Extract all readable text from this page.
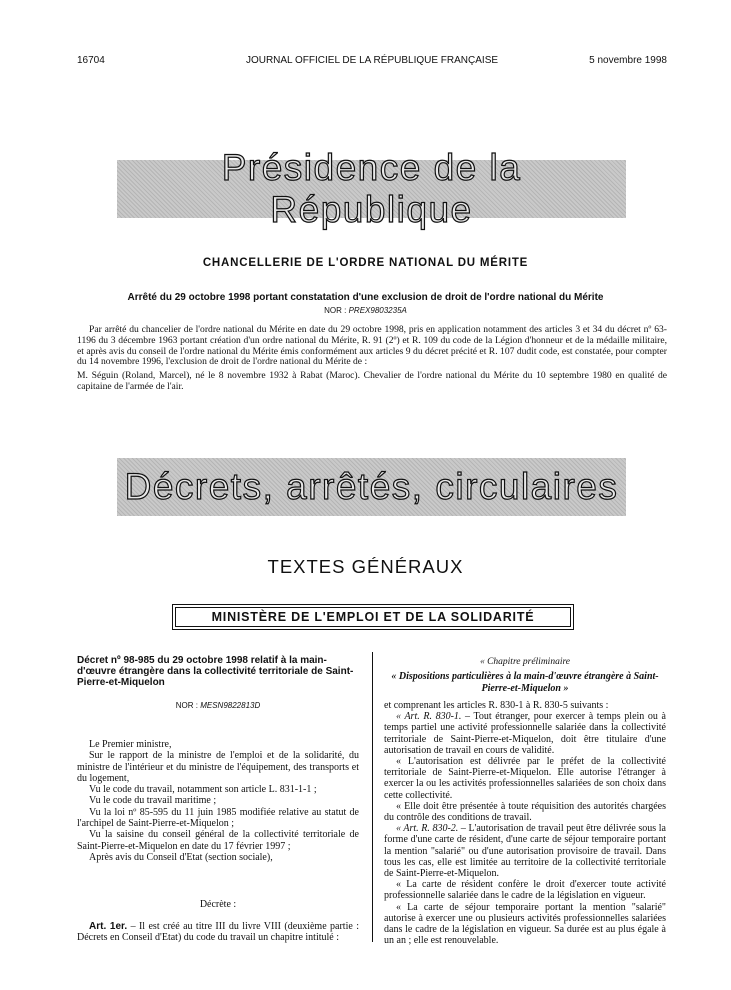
16704	JOURNAL OFFICIEL DE LA RÉPUBLIQUE FRANÇAISE	5 novembre 1998
Présidence de la République
CHANCELLERIE DE L'ORDRE NATIONAL DU MÉRITE
Arrêté du 29 octobre 1998 portant constatation d'une exclusion de droit de l'ordre national du Mérite
NOR : PREX9803235A

Par arrêté du chancelier de l'ordre national du Mérite en date du 29 octobre 1998, pris en application notamment des articles 3 et 34 du décret nº 63-1196 du 3 décembre 1963 portant création d'un ordre national du Mérite, R. 91 (2º) et R. 109 du code de la Légion d'honneur et de la médaille militaire, et après avis du conseil de l'ordre national du Mérite émis conformément aux articles 9 du décret précité et R. 107 dudit code, est constatée, pour compter du 14 novembre 1996, l'exclusion de droit de l'ordre national du Mérite de :

M. Séguin (Roland, Marcel), né le 8 novembre 1932 à Rabat (Maroc). Chevalier de l'ordre national du Mérite du 10 septembre 1980 en qualité de capitaine de l'armée de l'air.

Décrets, arrêtés, circulaires
TEXTES GÉNÉRAUX
MINISTÈRE DE L'EMPLOI ET DE LA SOLIDARITÉ
Décret nº 98-985 du 29 octobre 1998 relatif à la main-d'œuvre étrangère dans la collectivité territoriale de Saint-Pierre-et-Miquelon
NOR : MESN9822813D

Le Premier ministre,

Sur le rapport de la ministre de l'emploi et de la solidarité, du ministre de l'intérieur et du ministre de l'équipement, des transports et du logement,

Vu le code du travail, notamment son article L. 831-1-1 ;

Vu le code du travail maritime ;

Vu la loi nº 85-595 du 11 juin 1985 modifiée relative au statut de l'archipel de Saint-Pierre-et-Miquelon ;

Vu la saisine du conseil général de la collectivité territoriale de Saint-Pierre-et-Miquelon en date du 17 février 1997 ;

Après avis du Conseil d'Etat (section sociale),

Décrète :

Art. 1er. – Il est créé au titre III du livre VIII (deuxième partie : Décrets en Conseil d'Etat) du code du travail un chapitre intitulé :

« Chapitre préliminaire
« Dispositions particulières à la main-d'œuvre étrangère à Saint-Pierre-et-Miquelon »

et comprenant les articles R. 830-1 à R. 830-5 suivants :

« Art. R. 830-1. – Tout étranger, pour exercer à temps plein ou à temps partiel une activité professionnelle salariée dans la collectivité territoriale de Saint-Pierre-et-Miquelon, doit être titulaire d'une autorisation de travail en cours de validité.

« L'autorisation est délivrée par le préfet de la collectivité territoriale de Saint-Pierre-et-Miquelon. Elle autorise l'étranger à exercer la ou les activités professionnelles salariées de son choix dans cette collectivité.

« Elle doit être présentée à toute réquisition des autorités chargées du contrôle des conditions de travail.

« Art. R. 830-2. – L'autorisation de travail peut être délivrée sous la forme d'une carte de résident, d'une carte de séjour temporaire portant la mention "salarié" ou d'une autorisation provisoire de travail. Dans tous les cas, elle est limitée au territoire de la collectivité territoriale de Saint-Pierre-et-Miquelon.

« La carte de résident confère le droit d'exercer toute activité professionnelle salariée dans le cadre de la législation en vigueur.

« La carte de séjour temporaire portant la mention "salarié" autorise à exercer une ou plusieurs activités professionnelles salariées dans le cadre de la législation en vigueur. Sa durée est au plus égale à un an ; elle est renouvelable.
